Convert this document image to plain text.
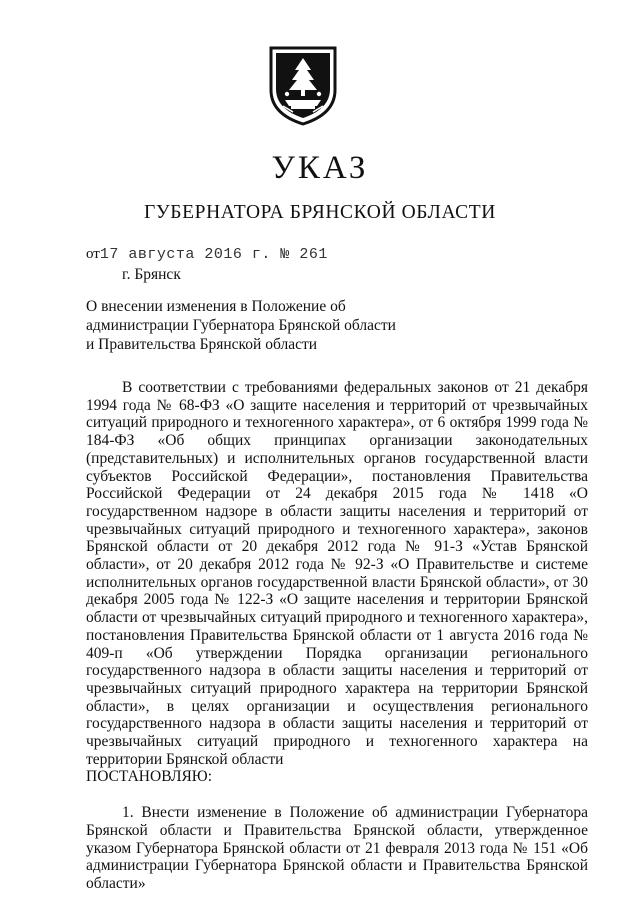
УКАЗ
ГУБЕРНАТОРА БРЯНСКОЙ ОБЛАСТИ
от17 августа 2016 г. № 261
г. Брянск
О внесении изменения в Положение об администрации Губернатора Брянской области и Правительства Брянской области

В соответствии с требованиями федеральных законов от 21 декабря 1994 года № 68-ФЗ «О защите населения и территорий от чрезвычайных ситуаций природного и техногенного характера», от 6 октября 1999 года № 184-ФЗ «Об общих принципах организации законодательных (представительных) и исполнительных органов государственной власти субъектов Российской Федерации», постановления Правительства Российской Федерации от 24 декабря 2015 года № 1418 «О государственном надзоре в области защиты населения и территорий от чрезвычайных ситуаций природного и техногенного характера», законов Брянской области от 20 декабря 2012 года № 91-З «Устав Брянской области», от 20 декабря 2012 года № 92-З «О Правительстве и системе исполнительных органов государственной власти Брянской области», от 30 декабря 2005 года № 122-З «О защите населения и территории Брянской области от чрезвычайных ситуаций природного и техногенного характера», постановления Правительства Брянской области от 1 августа 2016 года № 409-п «Об утверждении Порядка организации регионального государственного надзора в области защиты населения и территорий от чрезвычайных ситуаций природного характера на территории Брянской области», в целях организации и осуществления регионального государственного надзора в области защиты населения и территорий от чрезвычайных ситуаций природного и техногенного характера на территории Брянской области
ПОСТАНОВЛЯЮ:

1. Внести изменение в Положение об администрации Губернатора Брянской области и Правительства Брянской области, утвержденное указом Губернатора Брянской области от 21 февраля 2013 года № 151 «Об администрации Губернатора Брянской области и Правительства Брянской области»
